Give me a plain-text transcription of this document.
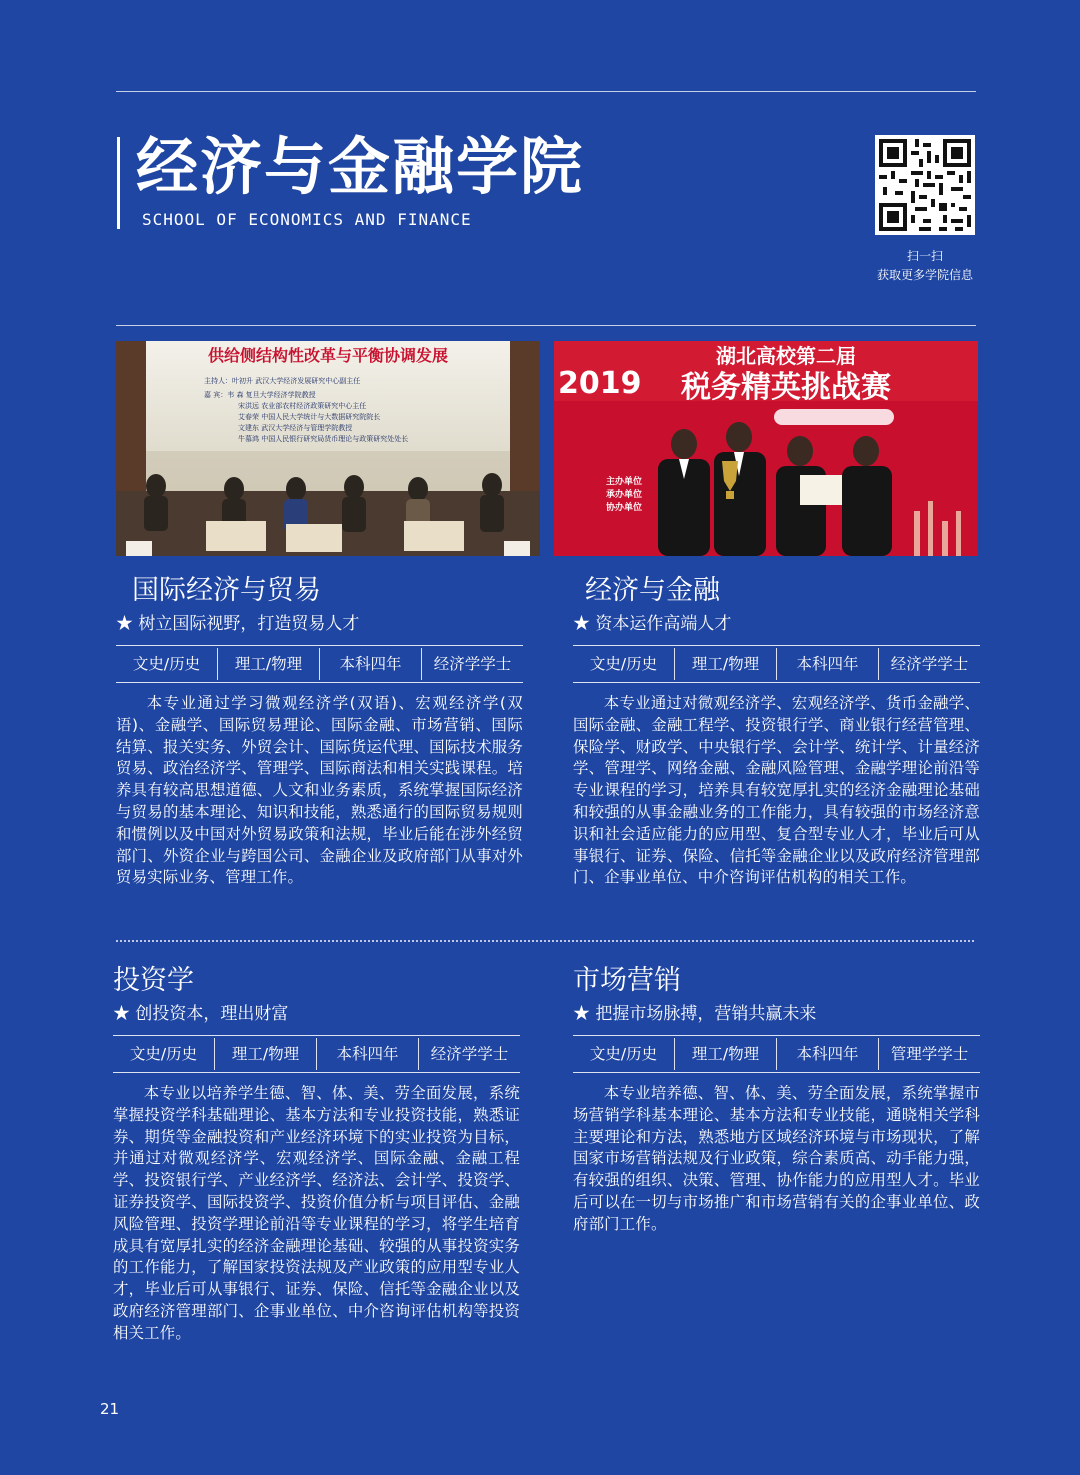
经济与金融学院
SCHOOL OF ECONOMICS AND FINANCE
扫一扫
获取更多学院信息
供给侧结构性改革与平衡协调发展
主持人：叶初升 武汉大学经济发展研究中心副主任
嘉 宾：韦 森 复旦大学经济学院教授
宋洪远 农业部农村经济政策研究中心主任
艾春荣 中国人民大学统计与大数据研究院院长
文建东 武汉大学经济与管理学院教授
牛慕鸿 中国人民银行研究局货币理论与政策研究处处长
湖北高校第二届
2019 税务精英挑战赛
主办单位
承办单位
协办单位
国际经济与贸易
★ 树立国际视野，打造贸易人才
文史/历史	理工/物理	本科四年	经济学学士
本专业通过学习微观经济学(双语)、宏观经济学(双语)、金融学、国际贸易理论、国际金融、市场营销、国际结算、报关实务、外贸会计、国际货运代理、国际技术服务贸易、政治经济学、管理学、国际商法和相关实践课程。培养具有较高思想道德、人文和业务素质，系统掌握国际经济与贸易的基本理论、知识和技能，熟悉通行的国际贸易规则和惯例以及中国对外贸易政策和法规，毕业后能在涉外经贸部门、外资企业与跨国公司、金融企业及政府部门从事对外贸易实际业务、管理工作。
经济与金融
★ 资本运作高端人才
文史/历史	理工/物理	本科四年	经济学学士
本专业通过对微观经济学、宏观经济学、货币金融学、国际金融、金融工程学、投资银行学、商业银行经营管理、保险学、财政学、中央银行学、会计学、统计学、计量经济学、管理学、网络金融、金融风险管理、金融学理论前沿等专业课程的学习，培养具有较宽厚扎实的经济金融理论基础和较强的从事金融业务的工作能力，具有较强的市场经济意识和社会适应能力的应用型、复合型专业人才，毕业后可从事银行、证券、保险、信托等金融企业以及政府经济管理部门、企事业单位、中介咨询评估机构的相关工作。
投资学
★ 创投资本，理出财富
文史/历史	理工/物理	本科四年	经济学学士
本专业以培养学生德、智、体、美、劳全面发展，系统掌握投资学科基础理论、基本方法和专业投资技能，熟悉证券、期货等金融投资和产业经济环境下的实业投资为目标，并通过对微观经济学、宏观经济学、国际金融、金融工程学、投资银行学、产业经济学、经济法、会计学、投资学、证券投资学、国际投资学、投资价值分析与项目评估、金融风险管理、投资学理论前沿等专业课程的学习，将学生培育成具有宽厚扎实的经济金融理论基础、较强的从事投资实务的工作能力，了解国家投资法规及产业政策的应用型专业人才，毕业后可从事银行、证券、保险、信托等金融企业以及政府经济管理部门、企事业单位、中介咨询评估机构等投资相关工作。
市场营销
★ 把握市场脉搏，营销共赢未来
文史/历史	理工/物理	本科四年	管理学学士
本专业培养德、智、体、美、劳全面发展，系统掌握市场营销学科基本理论、基本方法和专业技能，通晓相关学科主要理论和方法，熟悉地方区域经济环境与市场现状，了解国家市场营销法规及行业政策，综合素质高、动手能力强，有较强的组织、决策、管理、协作能力的应用型人才。毕业后可以在一切与市场推广和市场营销有关的企事业单位、政府部门工作。
21
